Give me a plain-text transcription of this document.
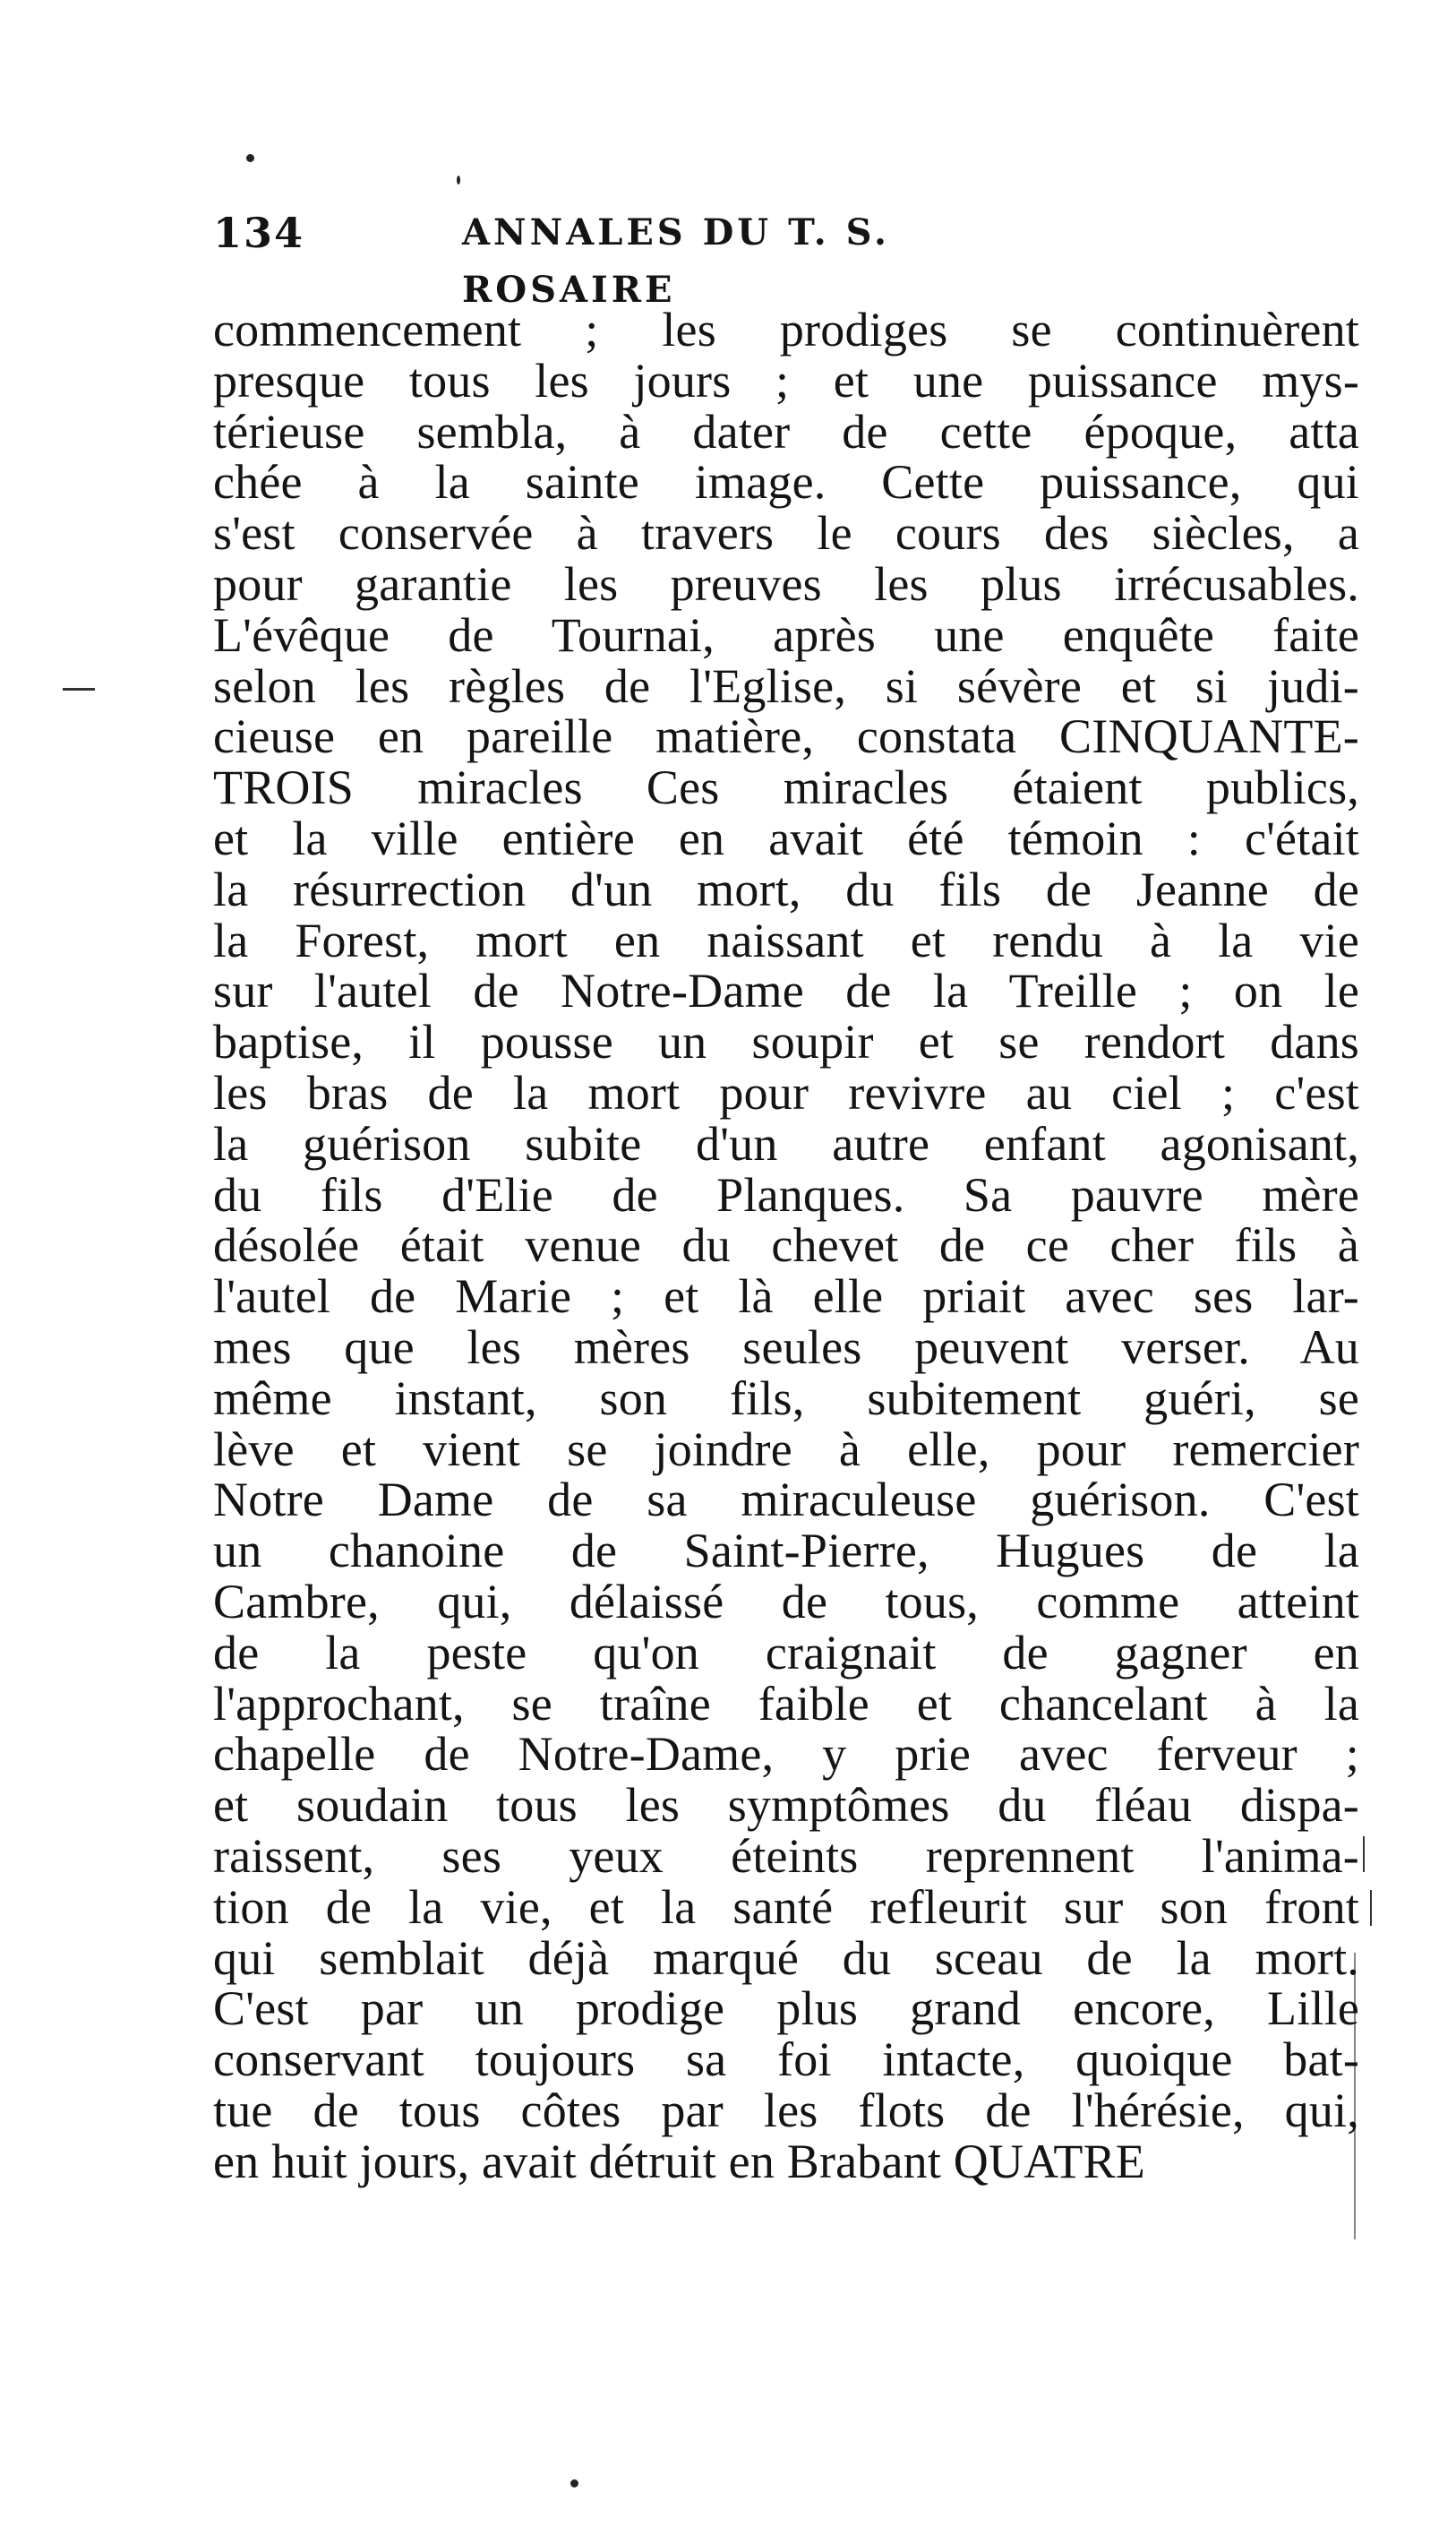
134	ANNALES DU T. S. ROSAIRE
commencement ; les prodiges se continuèrent
presque tous les jours ; et une puissance mys-
térieuse sembla, à dater de cette époque, atta
chée à la sainte image. Cette puissance, qui
s'est conservée à travers le cours des siècles, a
pour garantie les preuves les plus irrécusables.
L'évêque de Tournai, après une enquête faite
selon les règles de l'Eglise, si sévère et si judi-
cieuse en pareille matière, constata CINQUANTE-
TROIS miracles Ces miracles étaient publics,
et la ville entière en avait été témoin : c'était
la résurrection d'un mort, du fils de Jeanne de
la Forest, mort en naissant et rendu à la vie
sur l'autel de Notre-Dame de la Treille ; on le
baptise, il pousse un soupir et se rendort dans
les bras de la mort pour revivre au ciel ; c'est
la guérison subite d'un autre enfant agonisant,
du fils d'Elie de Planques. Sa pauvre mère
désolée était venue du chevet de ce cher fils à
l'autel de Marie ; et là elle priait avec ses lar-
mes que les mères seules peuvent verser. Au
même instant, son fils, subitement guéri, se
lève et vient se joindre à elle, pour remercier
Notre Dame de sa miraculeuse guérison. C'est
un chanoine de Saint-Pierre, Hugues de la
Cambre, qui, délaissé de tous, comme atteint
de la peste qu'on craignait de gagner en
l'approchant, se traîne faible et chancelant à la
chapelle de Notre-Dame, y prie avec ferveur ;
et soudain tous les symptômes du fléau dispa-
raissent, ses yeux éteints reprennent l'anima-
tion de la vie, et la santé refleurit sur son front
qui semblait déjà marqué du sceau de la mort.
C'est par un prodige plus grand encore, Lille
conservant toujours sa foi intacte, quoique bat-
tue de tous côtes par les flots de l'hérésie, qui,
en huit jours, avait détruit en Brabant QUATRE
